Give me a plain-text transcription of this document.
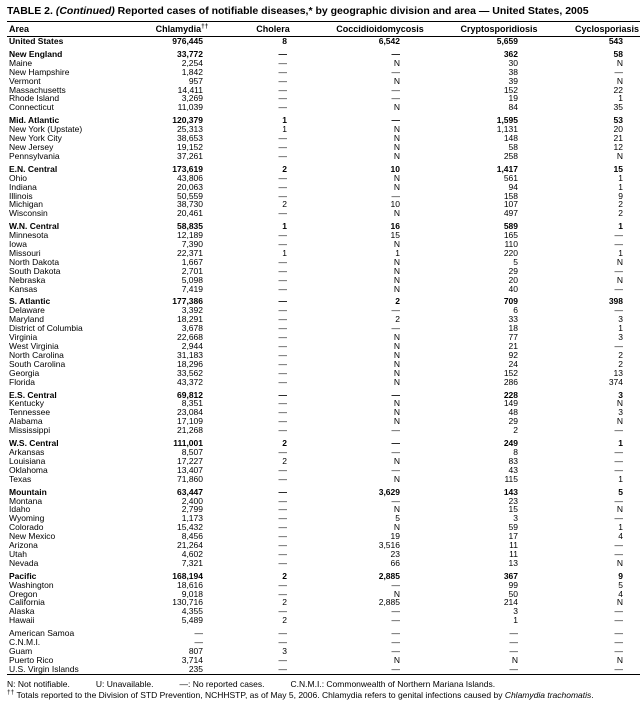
TABLE 2. (Continued) Reported cases of notifiable diseases,* by geographic division and area — United States, 2005
Area	Chlamydia††	Cholera	Coccidioidomycosis	Cryptosporidiosis	Cyclosporiasis
United States	976,445	8	6,542	5,659	543

New England	33,772	—	—	362	58
Maine	2,254	—	N	30	N
New Hampshire	1,842	—	—	38	—
Vermont	957	—	N	39	N
Massachusetts	14,411	—	—	152	22
Rhode Island	3,269	—	—	19	1
Connecticut	11,039	—	N	84	35

Mid. Atlantic	120,379	1	—	1,595	53
New York (Upstate)	25,313	1	N	1,131	20
New York City	38,653	—	N	148	21
New Jersey	19,152	—	N	58	12
Pennsylvania	37,261	—	N	258	N

E.N. Central	173,619	2	10	1,417	15
Ohio	43,806	—	N	561	1
Indiana	20,063	—	N	94	1
Illinois	50,559	—	—	158	9
Michigan	38,730	2	10	107	2
Wisconsin	20,461	—	N	497	2

W.N. Central	58,835	1	16	589	1
Minnesota	12,189	—	15	165	—
Iowa	7,390	—	N	110	—
Missouri	22,371	1	1	220	1
North Dakota	1,667	—	N	5	N
South Dakota	2,701	—	N	29	—
Nebraska	5,098	—	N	20	N
Kansas	7,419	—	N	40	—

S. Atlantic	177,386	—	2	709	398
Delaware	3,392	—	—	6	—
Maryland	18,291	—	2	33	3
District of Columbia	3,678	—	—	18	1
Virginia	22,668	—	N	77	3
West Virginia	2,944	—	N	21	—
North Carolina	31,183	—	N	92	2
South Carolina	18,296	—	N	24	2
Georgia	33,562	—	N	152	13
Florida	43,372	—	N	286	374

E.S. Central	69,812	—	—	228	3
Kentucky	8,351	—	N	149	N
Tennessee	23,084	—	N	48	3
Alabama	17,109	—	N	29	N
Mississippi	21,268	—	—	2	—

W.S. Central	111,001	2	—	249	1
Arkansas	8,507	—	—	8	—
Louisiana	17,227	2	N	83	—
Oklahoma	13,407	—	—	43	—
Texas	71,860	—	N	115	1

Mountain	63,447	—	3,629	143	5
Montana	2,400	—	—	23	—
Idaho	2,799	—	N	15	N
Wyoming	1,173	—	5	3	—
Colorado	15,432	—	N	59	1
New Mexico	8,456	—	19	17	4
Arizona	21,264	—	3,516	11	—
Utah	4,602	—	23	11	—
Nevada	7,321	—	66	13	N

Pacific	168,194	2	2,885	367	9
Washington	18,616	—	—	99	5
Oregon	9,018	—	N	50	4
California	130,716	2	2,885	214	N
Alaska	4,355	—	—	3	—
Hawaii	5,489	2	—	1	—

American Samoa	—	—	—	—	—
C.N.M.I.	—	—	—	—	—
Guam	807	3	—	—	—
Puerto Rico	3,714	—	N	N	N
U.S. Virgin Islands	235	—	—	—	—
N: Not notifiable.	U: Unavailable.	—: No reported cases.	C.N.M.I.: Commonwealth of Northern Mariana Islands.
†† Totals reported to the Division of STD Prevention, NCHHSTP, as of May 5, 2006. Chlamydia refers to genital infections caused by Chlamydia trachomatis.
